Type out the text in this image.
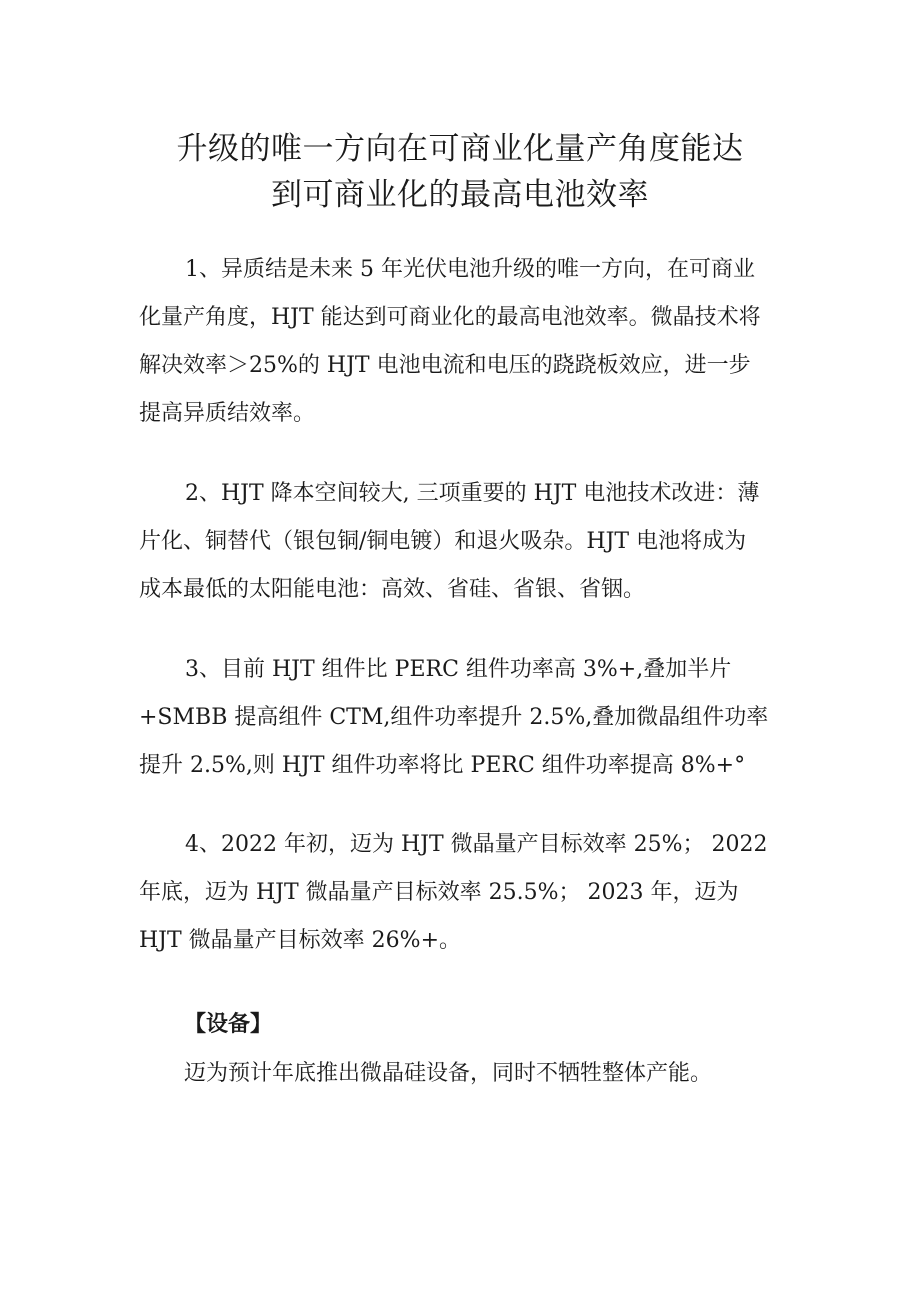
升级的唯一方向在可商业化量产角度能达
到可商业化的最高电池效率
1、异质结是未来 5 年光伏电池升级的唯一方向，在可商业
化量产角度，HJT 能达到可商业化的最高电池效率。微晶技术将
解决效率＞25%的 HJT 电池电流和电压的跷跷板效应，进一步
提高异质结效率。
2、HJT 降本空间较大, 三项重要的 HJT 电池技术改进：薄
片化、铜替代（银包铜/铜电镀）和退火吸杂。HJT 电池将成为
成本最低的太阳能电池：高效、省硅、省银、省铟。
3、目前 HJT 组件比 PERC 组件功率高 3%+,叠加半片
+SMBB 提高组件 CTM,组件功率提升 2.5%,叠加微晶组件功率
提升 2.5%,则 HJT 组件功率将比 PERC 组件功率提高 8%+°
4、2022 年初，迈为 HJT 微晶量产目标效率 25%； 2022
年底，迈为 HJT 微晶量产目标效率 25.5%； 2023 年，迈为
HJT 微晶量产目标效率 26%+。
【设备】
迈为预计年底推出微晶硅设备，同时不牺牲整体产能。
